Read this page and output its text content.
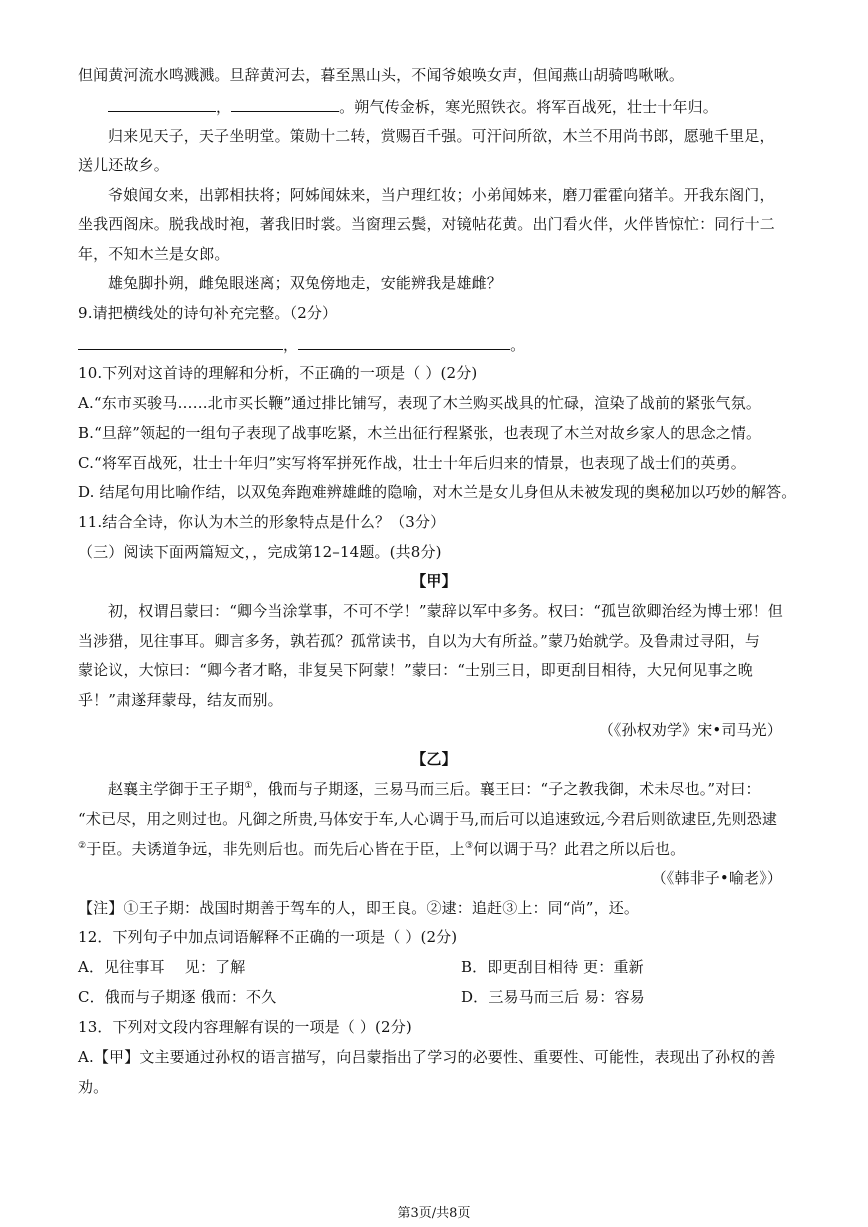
但闻黄河流水鸣溅溅。旦辞黄河去，暮至黑山头，不闻爷娘唤女声，但闻燕山胡骑鸣啾啾。
，	。朔气传金柝，寒光照铁衣。将军百战死，壮士十年归。
归来见天子，天子坐明堂。策勋十二转，赏赐百千强。可汗问所欲，木兰不用尚书郎，愿驰千里足，
送儿还故乡。
爷娘闻女来，出郭相扶将；阿姊闻妹来，当户理红妆；小弟闻姊来，磨刀霍霍向猪羊。开我东阁门，
坐我西阁床。脱我战时袍，著我旧时裳。当窗理云鬓，对镜帖花黄。出门看火伴，火伴皆惊忙：同行十二
年，不知木兰是女郎。
雄兔脚扑朔，雌兔眼迷离；双兔傍地走，安能辨我是雄雌？
9.请把横线处的诗句补充完整。（2分）
，	。
10.下列对这首诗的理解和分析，不正确的一项是（ ）(2分)
A.“东市买骏马……北市买长鞭”通过排比铺写，表现了木兰购买战具的忙碌，渲染了战前的紧张气氛。
B.“旦辞”领起的一组句子表现了战事吃紧，木兰出征行程紧张，也表现了木兰对故乡家人的思念之情。
C.“将军百战死，壮士十年归”实写将军拼死作战，壮士十年后归来的情景，也表现了战士们的英勇。
D. 结尾句用比喻作结，以双兔奔跑难辨雄雌的隐喻，对木兰是女儿身但从未被发现的奥秘加以巧妙的解答。
11.结合全诗，你认为木兰的形象特点是什么？（3分）
（三）阅读下面两篇短文，，完成第12–14题。(共8分)
【甲】
初，权谓吕蒙曰：“卿今当涂掌事，不可不学！”蒙辞以军中多务。权曰：“孤岂欲卿治经为博士邪！但
当涉猎，见往事耳。卿言多务，孰若孤？孤常读书，自以为大有所益。”蒙乃始就学。及鲁肃过寻阳，与
蒙论议，大惊曰：“卿今者才略，非复吴下阿蒙！”蒙曰：“士别三日，即更刮目相待，大兄何见事之晚
乎！”肃遂拜蒙母，结友而别。
（《孙权劝学》宋•司马光）
【乙】
赵襄主学御于王子期①，俄而与子期逐，三易马而三后。襄王曰：“子之教我御，术未尽也。”对曰：
“术已尽，用之则过也。凡御之所贵,马体安于车,人心调于马,而后可以追速致远,今君后则欲逮臣,先则恐逮
②于臣。夫诱道争远，非先则后也。而先后心皆在于臣，上③何以调于马？此君之所以后也。
（《韩非子•喻老》）
【注】①王子期：战国时期善于驾车的人，即王良。②逮：追赶③上：同“尚”，还。
12．下列句子中加点词语解释不正确的一项是（ ）(2分)
A．见往事耳　 见：了解	B．即更刮目相待 更：重新
C．俄而与子期逐 俄而：不久	D．三易马而三后 易：容易
13．下列对文段内容理解有误的一项是（ ）(2分)
A.【甲】文主要通过孙权的语言描写，向吕蒙指出了学习的必要性、重要性、可能性，表现出了孙权的善
劝。
第3页/共8页
